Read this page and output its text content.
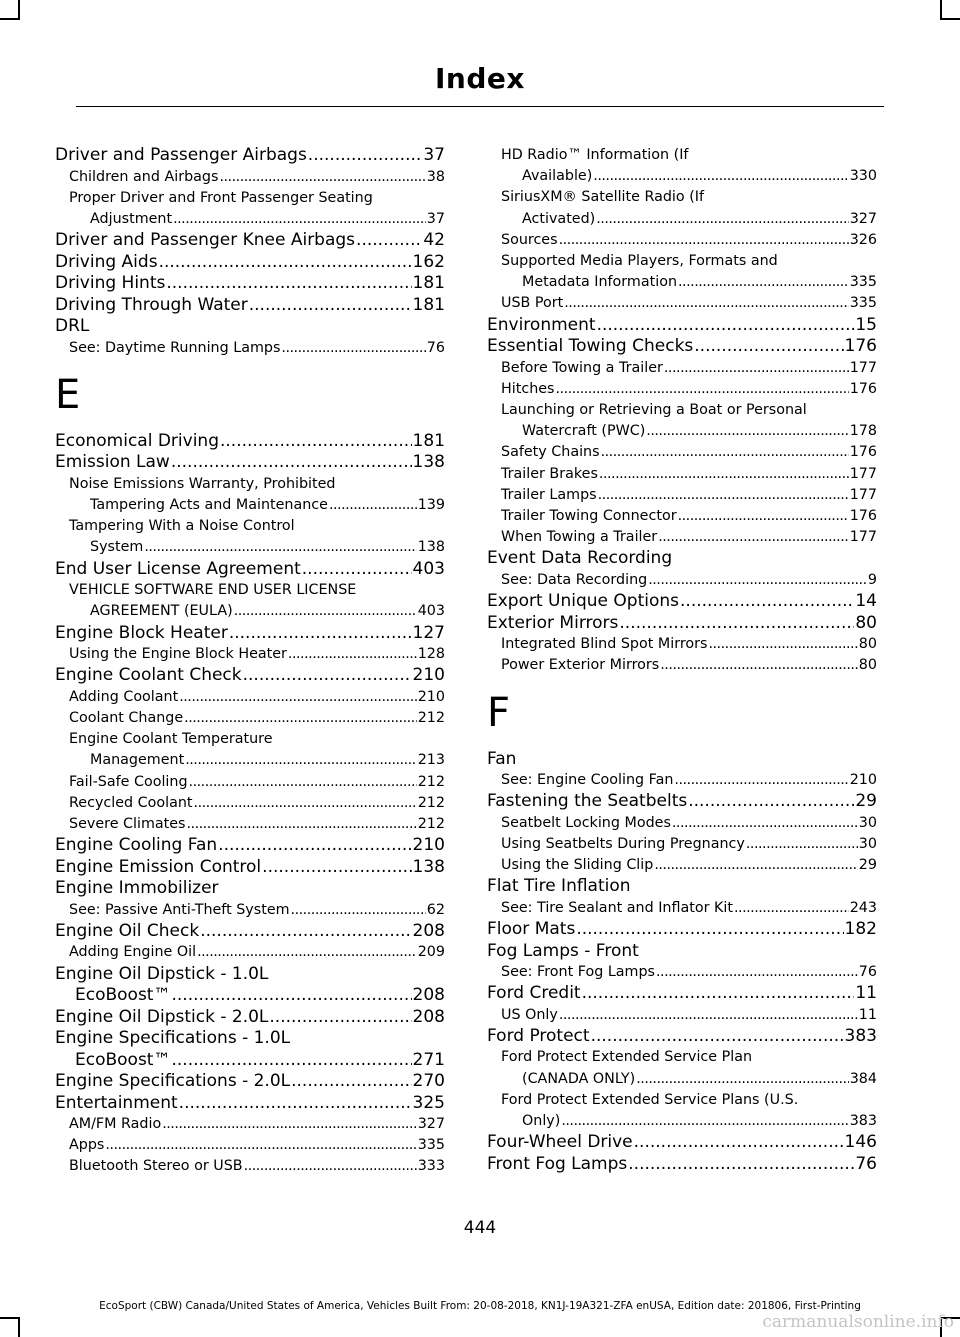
Index
Driver and Passenger Airbags .....	37
Children and Airbags .....	38
Proper Driver and Front Passenger Seating
Adjustment .....	37
Driver and Passenger Knee Airbags .....	42
Driving Aids .....	162
Driving Hints .....	181
Driving Through Water .....	181
DRL
See: Daytime Running Lamps .....	76
E
Economical Driving .....	181
Emission Law .....	138
Noise Emissions Warranty, Prohibited
Tampering Acts and Maintenance .....	139
Tampering With a Noise Control
System .....	138
End User License Agreement .....	403
VEHICLE SOFTWARE END USER LICENSE
AGREEMENT (EULA) .....	403
Engine Block Heater .....	127
Using the Engine Block Heater .....	128
Engine Coolant Check .....	210
Adding Coolant .....	210
Coolant Change .....	212
Engine Coolant Temperature
Management .....	213
Fail-Safe Cooling .....	212
Recycled Coolant .....	212
Severe Climates .....	212
Engine Cooling Fan .....	210
Engine Emission Control .....	138
Engine Immobilizer
See: Passive Anti-Theft System .....	62
Engine Oil Check .....	208
Adding Engine Oil .....	209
Engine Oil Dipstick - 1.0L
EcoBoost™ .....	208
Engine Oil Dipstick - 2.0L .....	208
Engine Specifications - 1.0L
EcoBoost™ .....	271
Engine Specifications - 2.0L .....	270
Entertainment .....	325
AM/FM Radio .....	327
Apps .....	335
Bluetooth Stereo or USB .....	333
HD Radio™ Information (If
Available) .....	330
SiriusXM® Satellite Radio (If
Activated) .....	327
Sources .....	326
Supported Media Players, Formats and
Metadata Information .....	335
USB Port .....	335
Environment .....	15
Essential Towing Checks .....	176
Before Towing a Trailer .....	177
Hitches .....	176
Launching or Retrieving a Boat or Personal
Watercraft (PWC) .....	178
Safety Chains .....	176
Trailer Brakes .....	177
Trailer Lamps .....	177
Trailer Towing Connector .....	176
When Towing a Trailer .....	177
Event Data Recording
See: Data Recording .....	9
Export Unique Options .....	14
Exterior Mirrors .....	80
Integrated Blind Spot Mirrors .....	80
Power Exterior Mirrors .....	80
F
Fan
See: Engine Cooling Fan .....	210
Fastening the Seatbelts .....	29
Seatbelt Locking Modes .....	30
Using Seatbelts During Pregnancy .....	30
Using the Sliding Clip .....	29
Flat Tire Inflation
See: Tire Sealant and Inflator Kit .....	243
Floor Mats .....	182
Fog Lamps - Front
See: Front Fog Lamps .....	76
Ford Credit .....	11
US Only .....	11
Ford Protect .....	383
Ford Protect Extended Service Plan
(CANADA ONLY) .....	384
Ford Protect Extended Service Plans (U.S.
Only) .....	383
Four-Wheel Drive .....	146
Front Fog Lamps .....	76
444
EcoSport (CBW) Canada/United States of America, Vehicles Built From: 20-08-2018, KN1J-19A321-ZFA enUSA, Edition date: 201806, First-Printing
carmanualsonline.info
